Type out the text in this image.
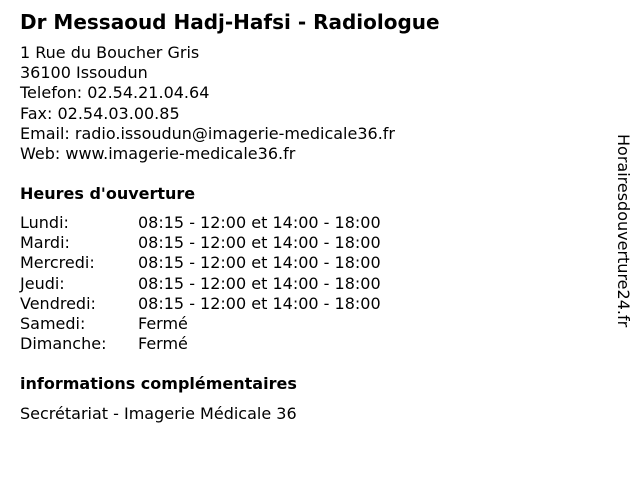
Dr Messaoud Hadj-Hafsi - Radiologue
1 Rue du Boucher Gris
36100 Issoudun
Telefon: 02.54.21.04.64
Fax: 02.54.03.00.85
Email: radio.issoudun@imagerie-medicale36.fr
Web: www.imagerie-medicale36.fr
Heures d'ouverture
Lundi:	08:15 - 12:00 et 14:00 - 18:00
Mardi:	08:15 - 12:00 et 14:00 - 18:00
Mercredi:	08:15 - 12:00 et 14:00 - 18:00
Jeudi:	08:15 - 12:00 et 14:00 - 18:00
Vendredi:	08:15 - 12:00 et 14:00 - 18:00
Samedi:	Fermé
Dimanche:	Fermé
informations complémentaires
Secrétariat - Imagerie Médicale 36
Horairesdouverture24.fr
